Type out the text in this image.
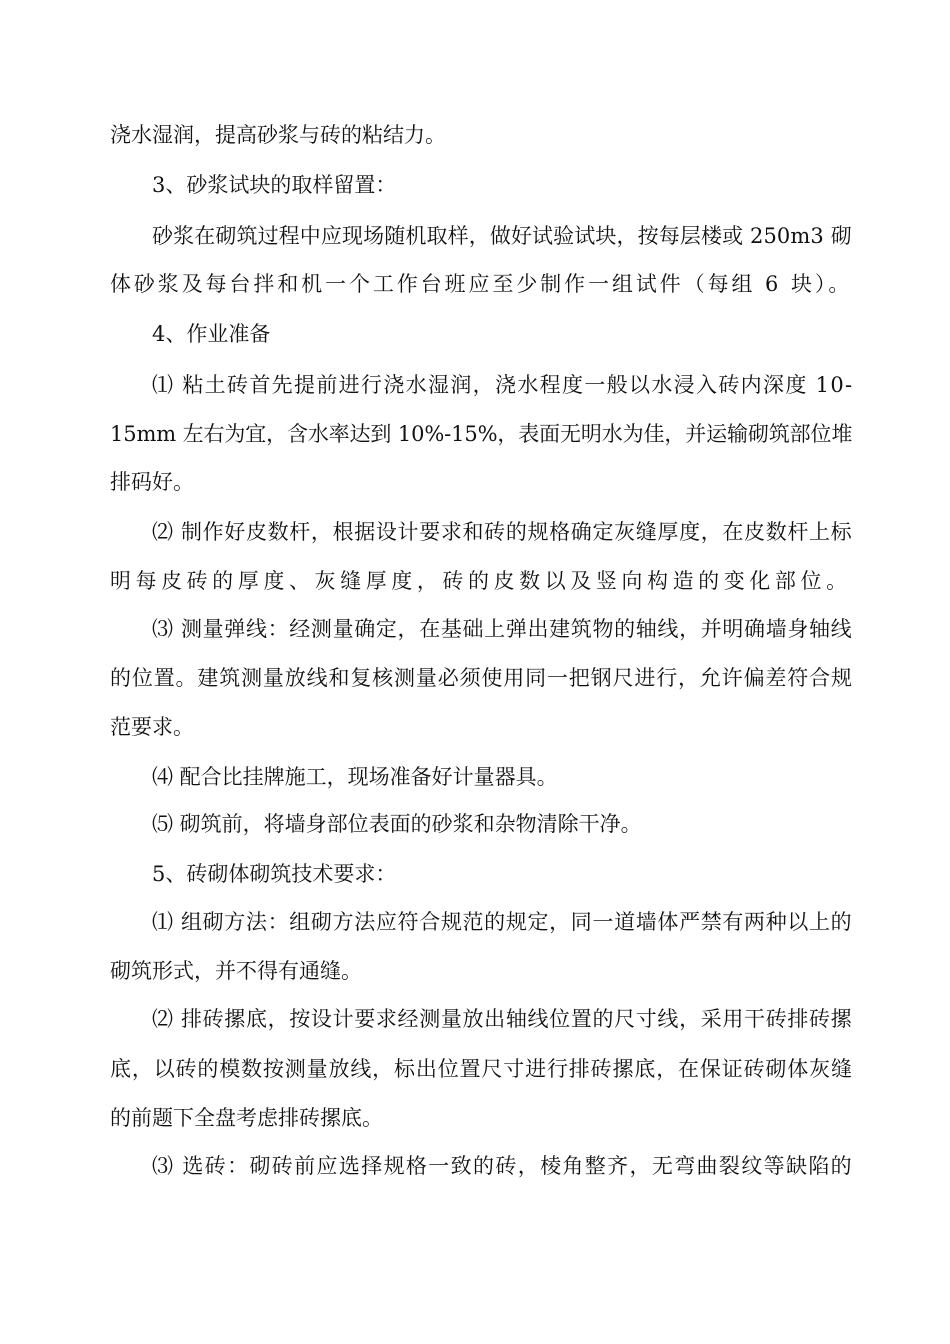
浇水湿润，提高砂浆与砖的粘结力。
3、砂浆试块的取样留置：
砂浆在砌筑过程中应现场随机取样，做好试验试块，按每层楼或 250m3 砌
体砂浆及每台拌和机一个工作台班应至少制作一组试件（每组 6 块）。
4、作业准备
⑴ 粘土砖首先提前进行浇水湿润，浇水程度一般以水浸入砖内深度 10-
15mm 左右为宜，含水率达到 10%-15%，表面无明水为佳，并运输砌筑部位堆
排码好。
⑵ 制作好皮数杆，根据设计要求和砖的规格确定灰缝厚度，在皮数杆上标
明每皮砖的厚度、灰缝厚度，砖的皮数以及竖向构造的变化部位。
⑶ 测量弹线：经测量确定，在基础上弹出建筑物的轴线，并明确墙身轴线
的位置。建筑测量放线和复核测量必须使用同一把钢尺进行，允许偏差符合规
范要求。
⑷ 配合比挂牌施工，现场准备好计量器具。
⑸ 砌筑前，将墙身部位表面的砂浆和杂物清除干净。
5、砖砌体砌筑技术要求：
⑴ 组砌方法：组砌方法应符合规范的规定，同一道墙体严禁有两种以上的
砌筑形式，并不得有通缝。
⑵ 排砖摞底，按设计要求经测量放出轴线位置的尺寸线，采用干砖排砖摞
底，以砖的模数按测量放线，标出位置尺寸进行排砖摞底，在保证砖砌体灰缝
的前题下全盘考虑排砖摞底。
⑶ 选砖：砌砖前应选择规格一致的砖，棱角整齐，无弯曲裂纹等缺陷的
